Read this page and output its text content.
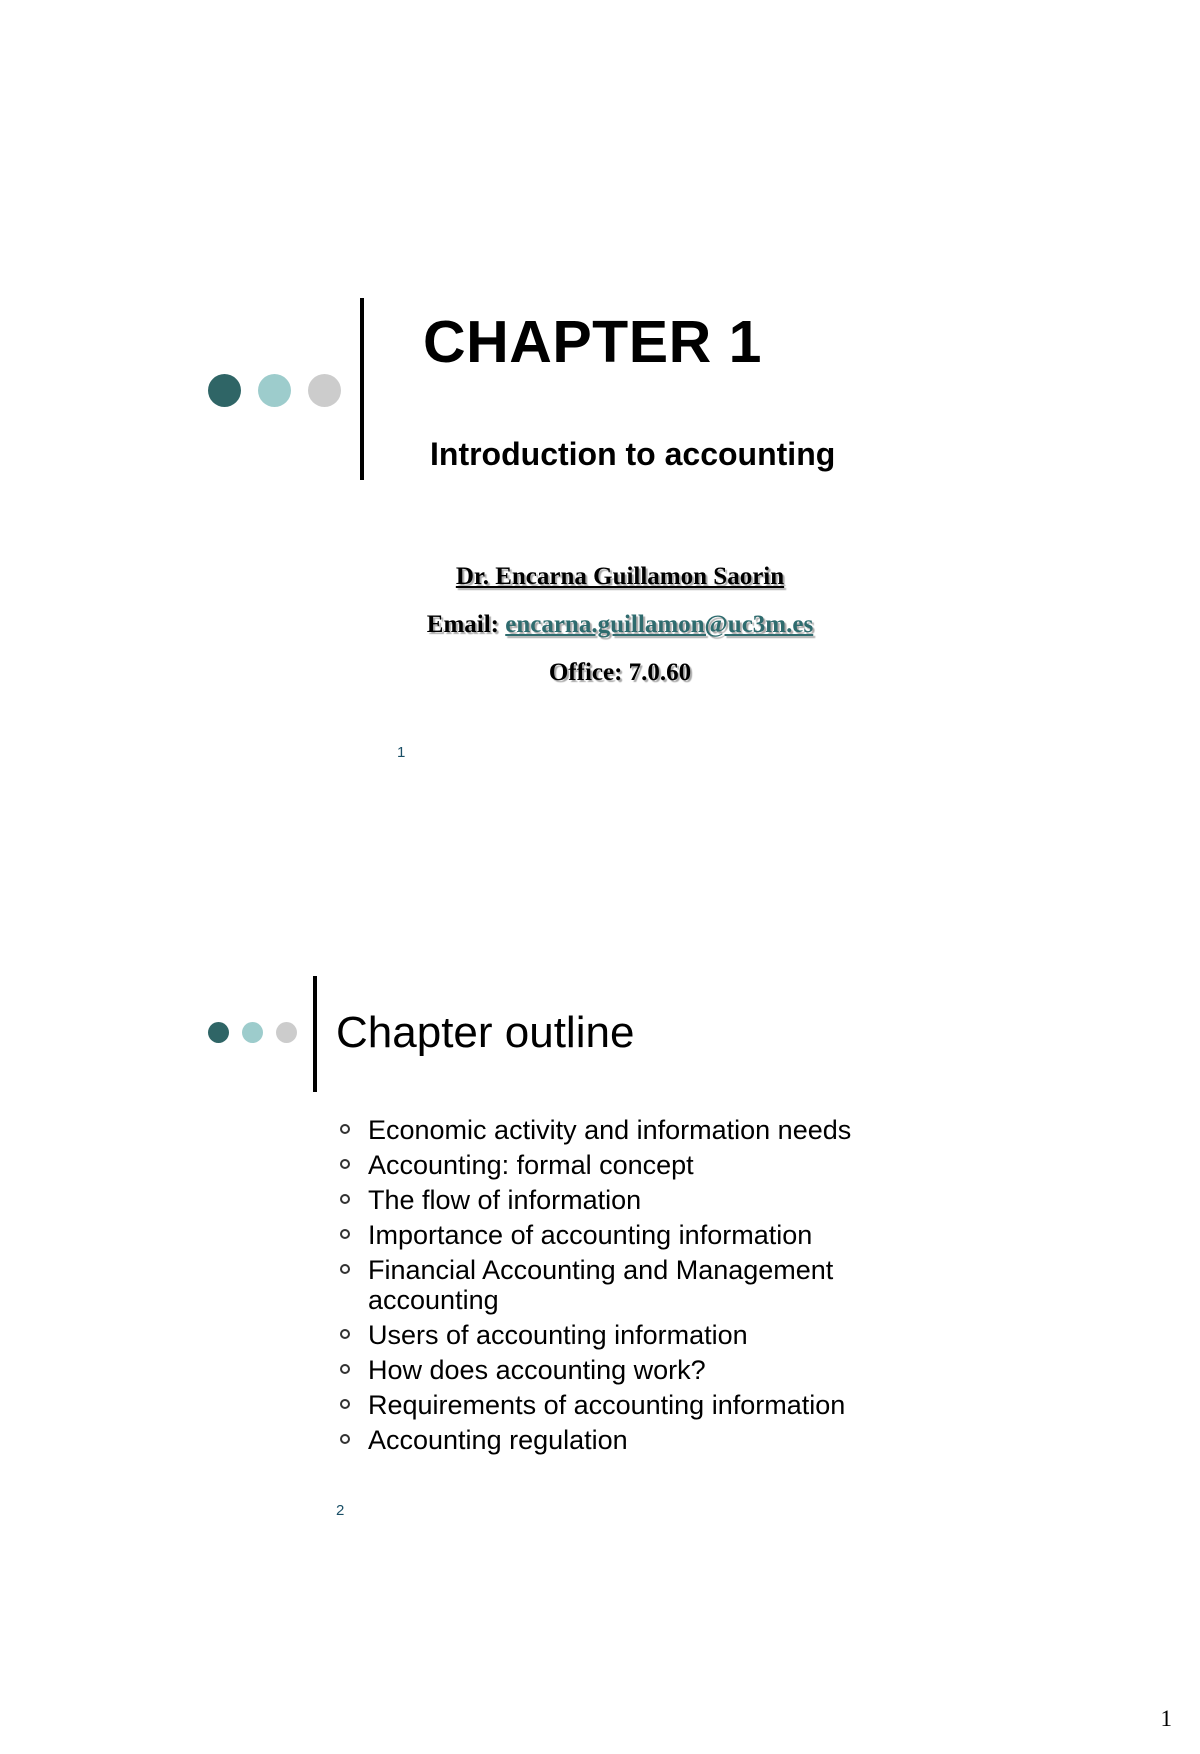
CHAPTER 1
Introduction to accounting
Dr. Encarna Guillamon Saorin
Email: encarna.guillamon@uc3m.es
Office: 7.0.60
1
Chapter outline
Economic activity and information needs
Accounting: formal concept
The flow of information
Importance of accounting information
Financial Accounting and Management accounting
Users of accounting information
How does accounting work?
Requirements of accounting information
Accounting regulation
2
1
